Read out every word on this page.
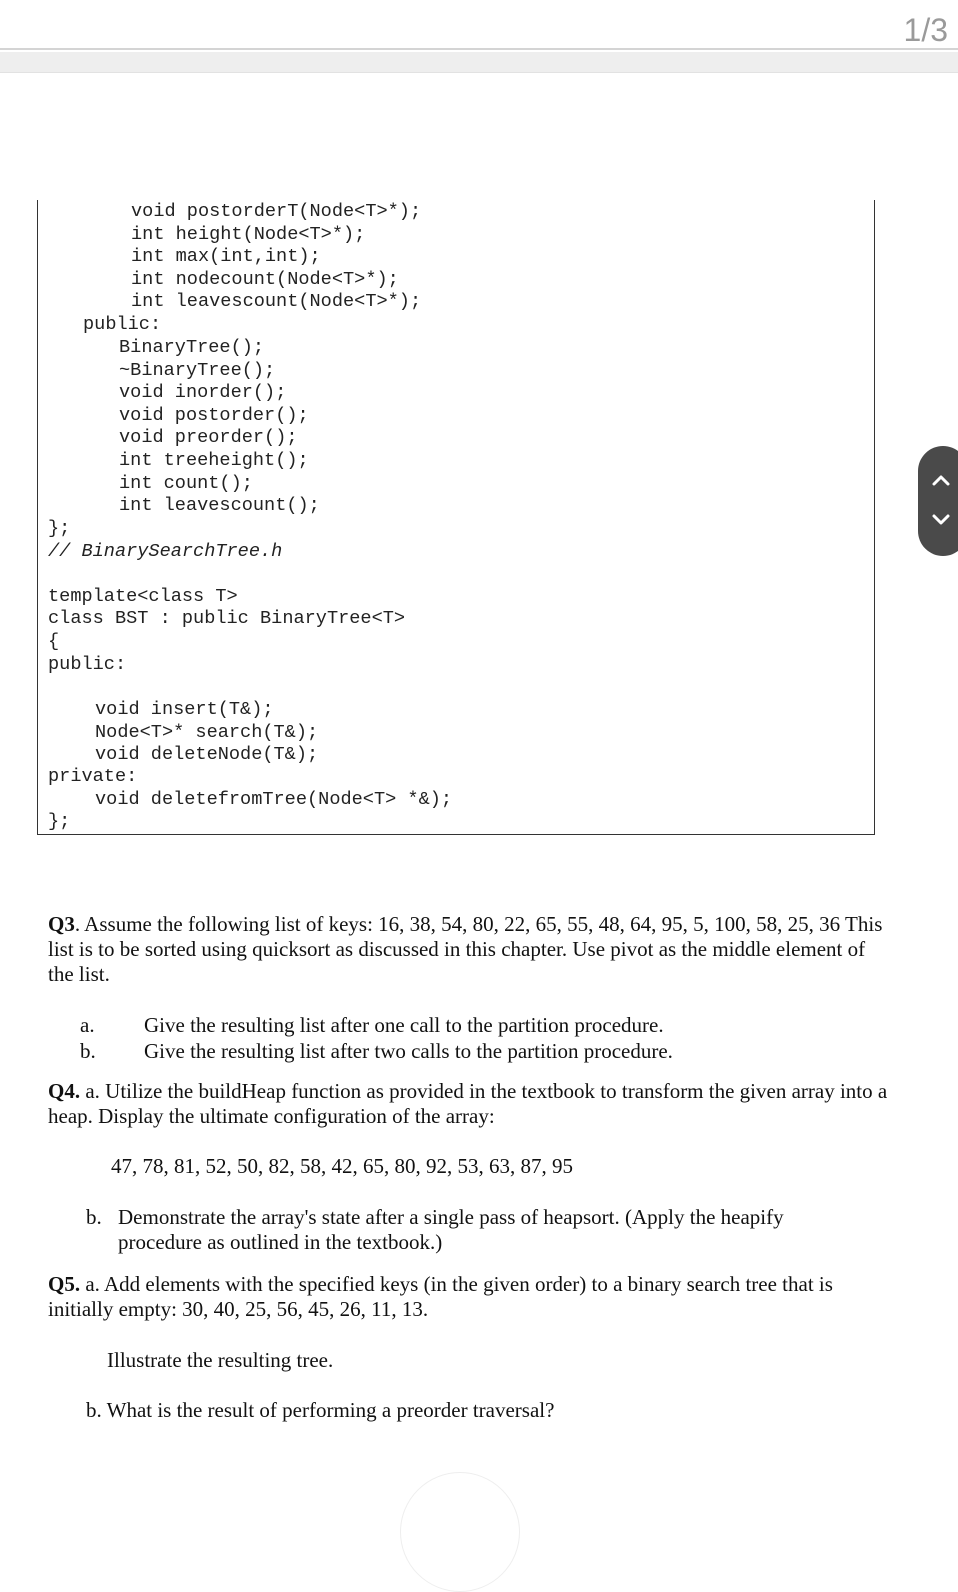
1/3
void postorderT(Node<T>*);
int height(Node<T>*);
int max(int,int);
int nodecount(Node<T>*);
int leavescount(Node<T>*);
public:
BinaryTree();
~BinaryTree();
void inorder();
void postorder();
void preorder();
int treeheight();
int count();
int leavescount();
};
// BinarySearchTree.h

template<class T>
class BST : public BinaryTree<T>
{
public:
void insert(T&);
Node<T>* search(T&);
void deleteNode(T&);
private:
void deletefromTree(Node<T> *&);
};

Q3. Assume the following list of keys: 16, 38, 54, 80, 22, 65, 55, 48, 64, 95, 5, 100, 58, 25, 36 This list is to be sorted using quicksort as discussed in this chapter. Use pivot as the middle element of the list.

a. Give the resulting list after one call to the partition procedure.
b. Give the resulting list after two calls to the partition procedure.

Q4. a. Utilize the buildHeap function as provided in the textbook to transform the given array into a heap. Display the ultimate configuration of the array:

47, 78, 81, 52, 50, 82, 58, 42, 65, 80, 92, 53, 63, 87, 95
b. Demonstrate the array's state after a single pass of heapsort. (Apply the heapify procedure as outlined in the textbook.)

Q5. a. Add elements with the specified keys (in the given order) to a binary search tree that is initially empty: 30, 40, 25, 56, 45, 26, 11, 13.

Illustrate the resulting tree.
b. What is the result of performing a preorder traversal?
